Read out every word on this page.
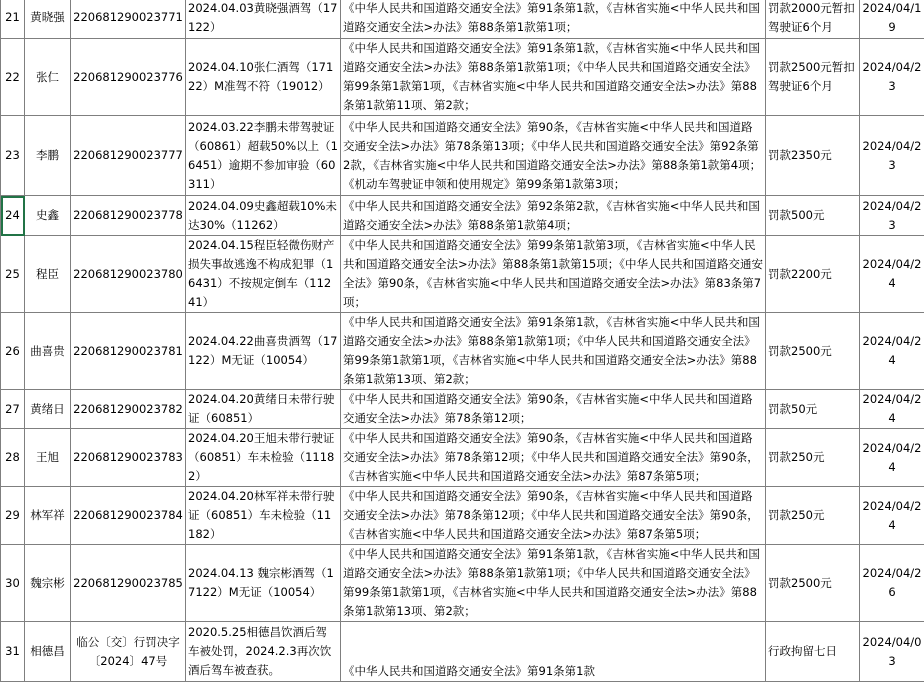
21	黄晓强	220681290023771	2024.04.03黄晓强酒驾（17122）	《中华人民共和国道路交通安全法》第91条第1款，《吉林省实施<中华人民共和国道路交通安全法>办法》第88条第1款第1项；	罚款2000元暂扣驾驶证6个月	2024/04/19
22	张仁	220681290023776	2024.04.10张仁酒驾（17122）M准驾不符（19012）	《中华人民共和国道路交通安全法》第91条第1款，《吉林省实施<中华人民共和国道路交通安全法>办法》第88条第1款第1项；《中华人民共和国道路交通安全法》第99条第1款第1项，《吉林省实施<中华人民共和国道路交通安全法>办法》第88条第1款第11项、第2款；	罚款2500元暂扣驾驶证6个月	2024/04/23
23	李鹏	220681290023777	2024.03.22李鹏未带驾驶证（60861）超载50%以上（16451）逾期不参加审验（60311）	《中华人民共和国道路交通安全法》第90条，《吉林省实施<中华人民共和国道路交通安全法>办法》第78条第13项；《中华人民共和国道路交通安全法》第92条第2款，《吉林省实施<中华人民共和国道路交通安全法>办法》第88条第1款第4项；《机动车驾驶证申领和使用规定》第99条第1款第3项；	罚款2350元	2024/04/23
24	史鑫	220681290023778	2024.04.09史鑫超载10%未达30%（11262）	《中华人民共和国道路交通安全法》第92条第2款，《吉林省实施<中华人民共和国道路交通安全法>办法》第88条第1款第4项；	罚款500元	2024/04/23
25	程臣	220681290023780	2024.04.15程臣轻微伤财产损失事故逃逸不构成犯罪（16431）不按规定倒车（11241）	《中华人民共和国道路交通安全法》第99条第1款第3项，《吉林省实施<中华人民共和国道路交通安全法>办法》第88条第1款第15项；《中华人民共和国道路交通安全法》第90条，《吉林省实施<中华人民共和国道路交通安全法>办法》第83条第7项；	罚款2200元	2024/04/24
26	曲喜贵	220681290023781	2024.04.22曲喜贵酒驾（17122）M无证（10054）	《中华人民共和国道路交通安全法》第91条第1款，《吉林省实施<中华人民共和国道路交通安全法>办法》第88条第1款第1项；《中华人民共和国道路交通安全法》第99条第1款第1项，《吉林省实施<中华人民共和国道路交通安全法>办法》第88条第1款第13项、第2款；	罚款2500元	2024/04/24
27	黄绪日	220681290023782	2024.04.20黄绪日未带行驶证（60851）	《中华人民共和国道路交通安全法》第90条，《吉林省实施<中华人民共和国道路交通安全法>办法》第78条第12项；	罚款50元	2024/04/24
28	王旭	220681290023783	2024.04.20王旭未带行驶证（60851）车未检验（11182）	《中华人民共和国道路交通安全法》第90条，《吉林省实施<中华人民共和国道路交通安全法>办法》第78条第12项；《中华人民共和国道路交通安全法》第90条，《吉林省实施<中华人民共和国道路交通安全法>办法》第87条第5项；	罚款250元	2024/04/24
29	林军祥	220681290023784	2024.04.20林军祥未带行驶证（60851）车未检验（11182）	《中华人民共和国道路交通安全法》第90条，《吉林省实施<中华人民共和国道路交通安全法>办法》第78条第12项；《中华人民共和国道路交通安全法》第90条，《吉林省实施<中华人民共和国道路交通安全法>办法》第87条第5项；	罚款250元	2024/04/24
30	魏宗彬	220681290023785	2024.04.13 魏宗彬酒驾（17122）M无证（10054）	《中华人民共和国道路交通安全法》第91条第1款，《吉林省实施<中华人民共和国道路交通安全法>办法》第88条第1款第1项；《中华人民共和国道路交通安全法》第99条第1款第1项，《吉林省实施<中华人民共和国道路交通安全法>办法》第88条第1款第13项、第2款；	罚款2500元	2024/04/26
31	相德昌	临公〔交〕行罚决字〔2024〕47号	2020.5.25相德昌饮酒后驾车被处罚，2024.2.3再次饮酒后驾车被查获。	《中华人民共和国道路交通安全法》第91条第1款	行政拘留七日	2024/04/03
